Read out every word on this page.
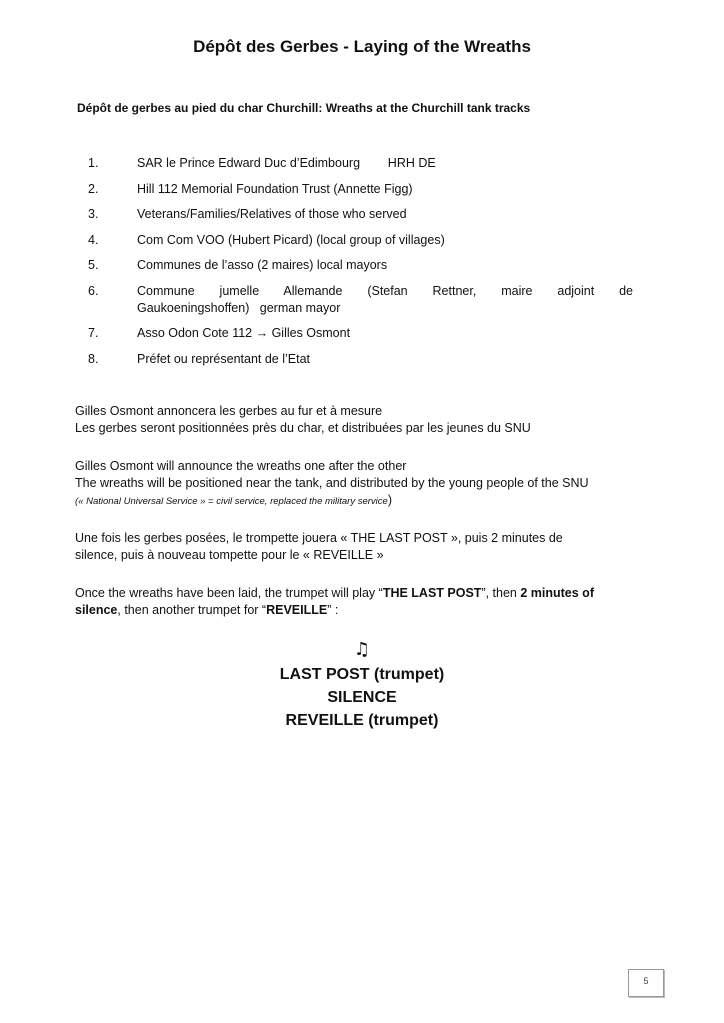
Dépôt des Gerbes - Laying of the Wreaths
Dépôt de gerbes au pied du char Churchill: Wreaths at the Churchill tank tracks
1.	SAR le Prince Edward Duc d’Edimbourg        HRH DE
2.	Hill 112 Memorial Foundation Trust (Annette Figg)
3.	Veterans/Families/Relatives of those who served
4.	Com Com VOO (Hubert Picard) (local group of villages)
5.	Communes de l’asso (2 maires) local mayors
6.	Commune jumelle Allemande (Stefan Rettner, maire adjoint de
Gaukoeningshoffen)   german mayor
7.	Asso Odon Cote 112 → Gilles Osmont
8.	Préfet ou représentant de l’Etat
Gilles Osmont annoncera les gerbes au fur et à mesure
Les gerbes seront positionnées près du char, et distribuées par les jeunes du SNU
Gilles Osmont will announce the wreaths one after the other
The wreaths will be positioned near the tank, and distributed by the young people of the SNU
(« National Universal Service » = civil service, replaced the military service)
Une fois les gerbes posées, le trompette jouera « THE LAST POST », puis 2 minutes de
silence, puis à nouveau tompette pour le « REVEILLE »
Once the wreaths have been laid, the trumpet will play “THE LAST POST”, then 2 minutes of
silence, then another trumpet for “REVEILLE” :
♫
LAST POST (trumpet)
SILENCE
REVEILLE (trumpet)
5
